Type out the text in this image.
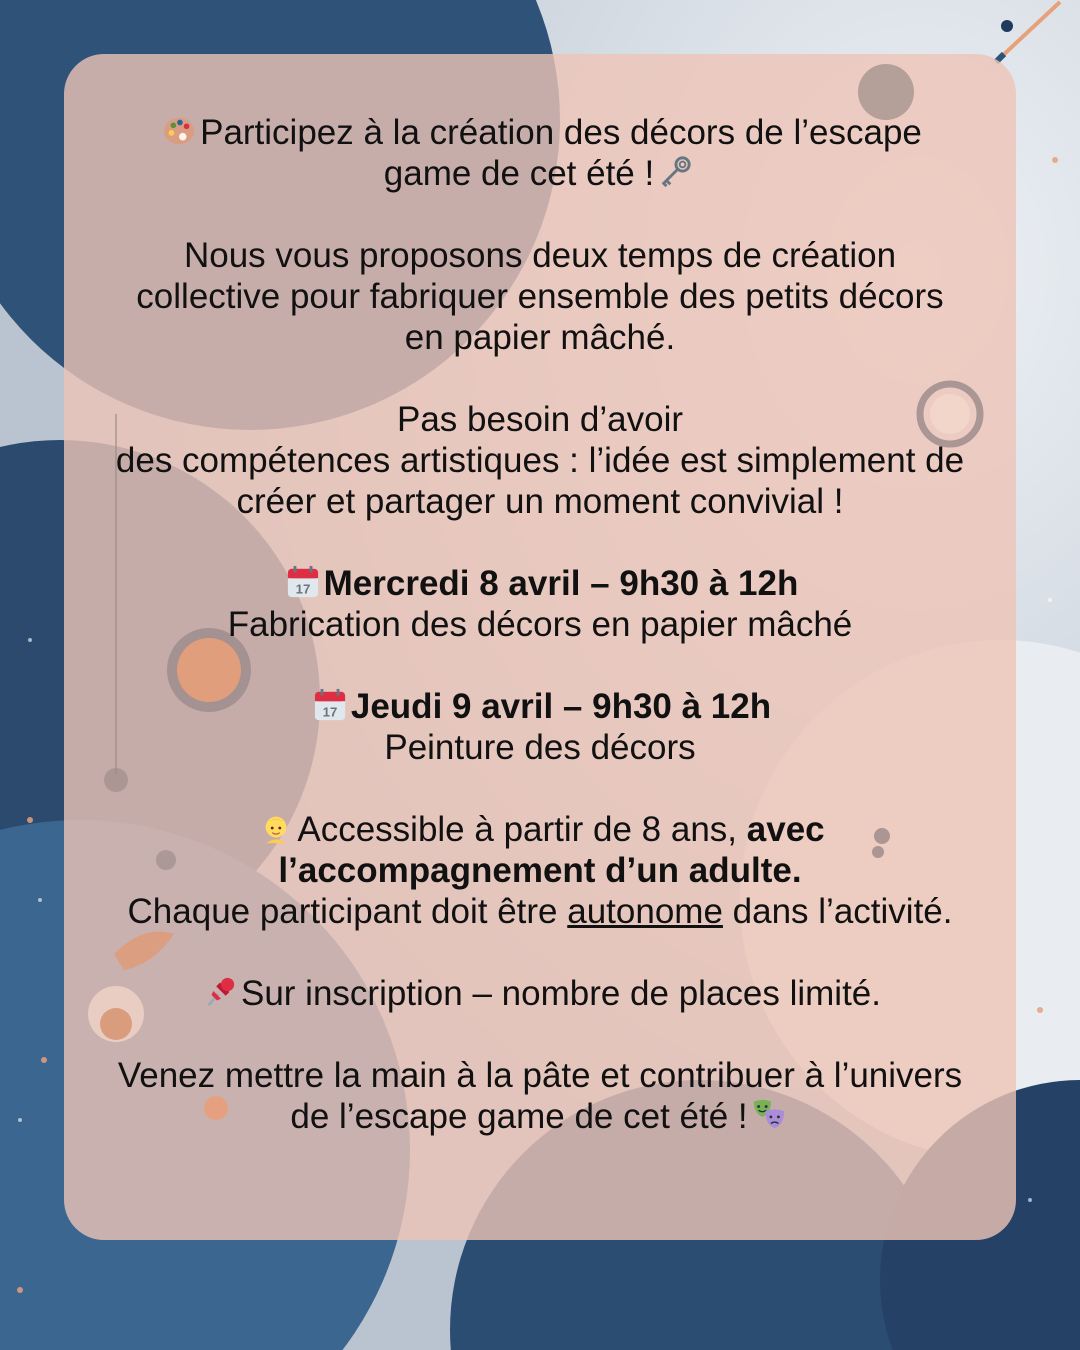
Participez à la création des décors de l’escape
game de cet été !

Nous vous proposons deux temps de création
collective pour fabriquer ensemble des petits décors
en papier mâché.

Pas besoin d’avoir
des compétences artistiques : l’idée est simplement de
créer et partager un moment convivial !

17 Mercredi 8 avril – 9h30 à 12h
Fabrication des décors en papier mâché

17 Jeudi 9 avril – 9h30 à 12h
Peinture des décors

Accessible à partir de 8 ans, avec
l’accompagnement d’un adulte.
Chaque participant doit être autonome dans l’activité.

Sur inscription – nombre de places limité.

Venez mettre la main à la pâte et contribuer à l’univers
de l’escape game de cet été !
